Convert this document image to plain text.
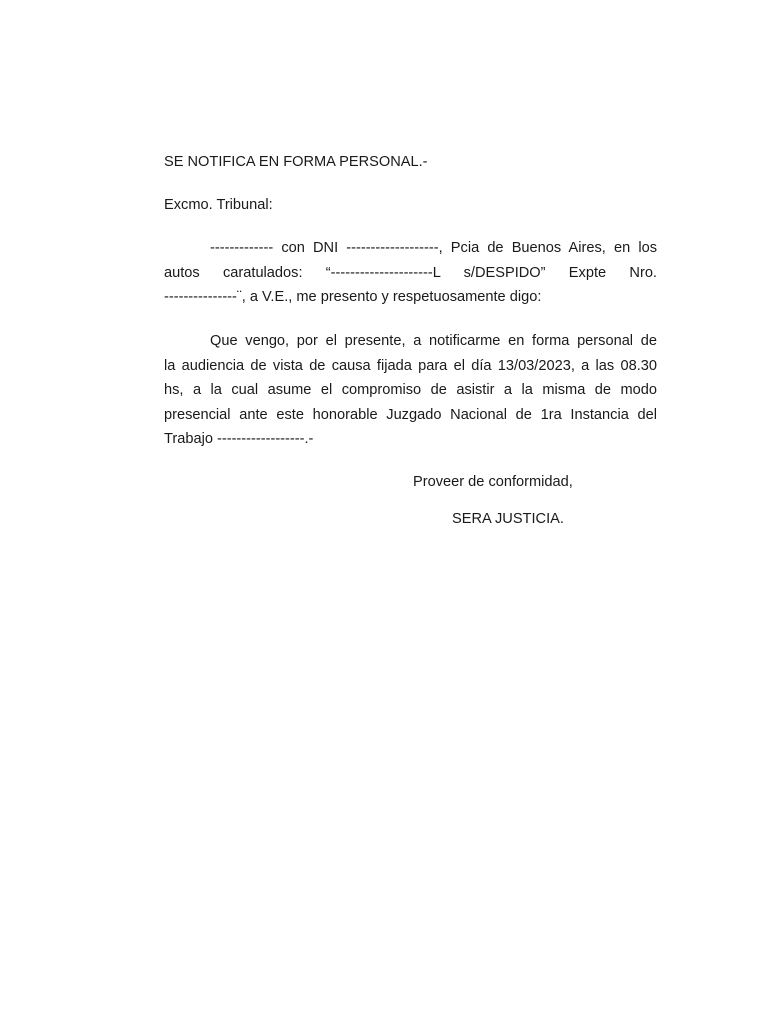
SE NOTIFICA EN FORMA PERSONAL.-
Excmo. Tribunal:
------------- con DNI -------------------, Pcia de Buenos Aires, en los
autos caratulados: “---------------------L s/DESPIDO” Expte Nro.
---------------¨, a V.E., me presento y respetuosamente digo:
Que vengo, por el presente, a notificarme en forma personal de
la audiencia de vista de causa fijada para el día 13/03/2023, a las 08.30
hs, a la cual asume el compromiso de asistir a la misma de modo
presencial ante este honorable Juzgado Nacional de 1ra Instancia del
Trabajo ------------------.-
Proveer de conformidad,
SERA JUSTICIA.
